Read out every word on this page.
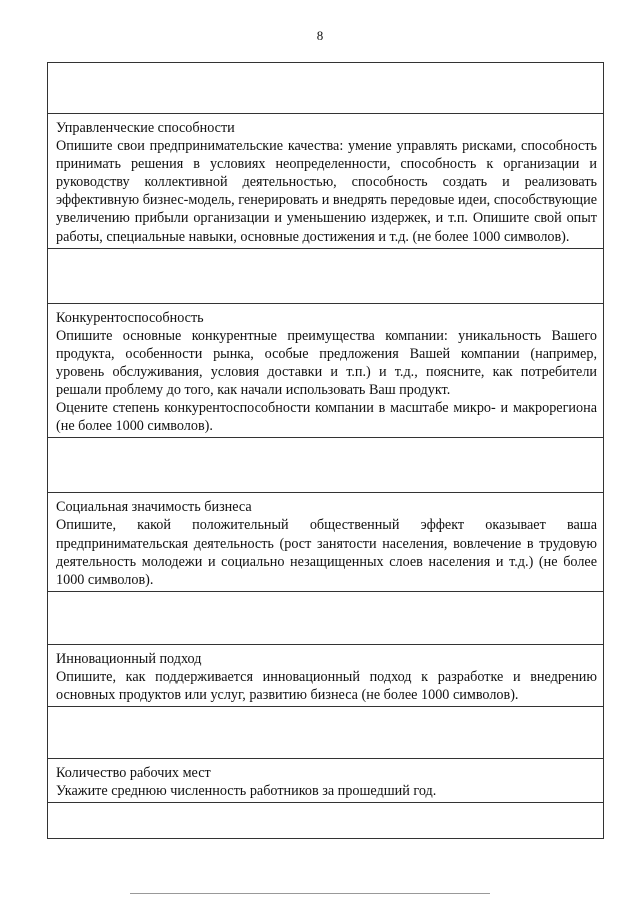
8
Управленческие способности
Опишите свои предпринимательские качества: умение управлять рисками, способность принимать решения в условиях неопределенности, способность к организации и руководству коллективной деятельностью, способность создать и реализовать эффективную бизнес-модель, генерировать и внедрять передовые идеи, способствующие увеличению прибыли организации и уменьшению издержек, и т.п. Опишите свой опыт работы, специальные навыки, основные достижения и т.д. (не более 1000 символов).
Конкурентоспособность
Опишите основные конкурентные преимущества компании: уникальность Вашего продукта, особенности рынка, особые предложения Вашей компании (например, уровень обслуживания, условия доставки и т.п.) и т.д., поясните, как потребители решали проблему до того, как начали использовать Ваш продукт.
Оцените степень конкурентоспособности компании в масштабе микро- и макрорегиона (не более 1000 символов).
Социальная значимость бизнеса
Опишите, какой положительный общественный эффект оказывает ваша предпринимательская деятельность (рост занятости населения, вовлечение в трудовую деятельность молодежи и социально незащищенных слоев населения и т.д.) (не более 1000 символов).
Инновационный подход
Опишите, как поддерживается инновационный подход к разработке и внедрению основных продуктов или услуг, развитию бизнеса (не более 1000 символов).
Количество рабочих мест
Укажите среднюю численность работников за прошедший год.
